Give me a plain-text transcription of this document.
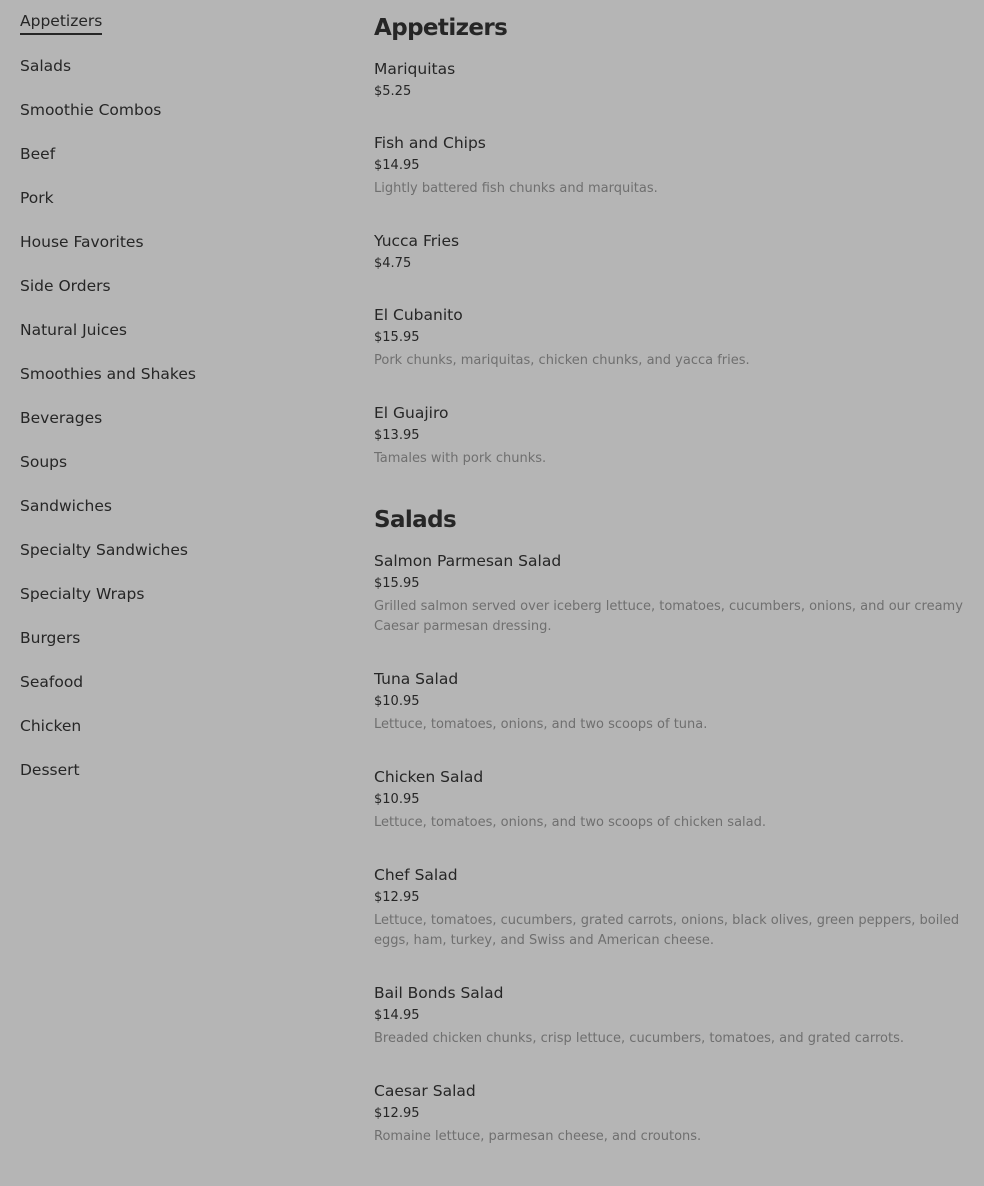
Appetizers
Salads
Smoothie Combos
Beef
Pork
House Favorites
Side Orders
Natural Juices
Smoothies and Shakes
Beverages
Soups
Sandwiches
Specialty Sandwiches
Specialty Wraps
Burgers
Seafood
Chicken
Dessert
Appetizers
Mariquitas
$5.25
Fish and Chips
$14.95
Lightly battered fish chunks and marquitas.
Yucca Fries
$4.75
El Cubanito
$15.95
Pork chunks, mariquitas, chicken chunks, and yacca fries.
El Guajiro
$13.95
Tamales with pork chunks.
Salads
Salmon Parmesan Salad
$15.95
Grilled salmon served over iceberg lettuce, tomatoes, cucumbers, onions, and our creamy Caesar parmesan dressing.
Tuna Salad
$10.95
Lettuce, tomatoes, onions, and two scoops of tuna.
Chicken Salad
$10.95
Lettuce, tomatoes, onions, and two scoops of chicken salad.
Chef Salad
$12.95
Lettuce, tomatoes, cucumbers, grated carrots, onions, black olives, green peppers, boiled eggs, ham, turkey, and Swiss and American cheese.
Bail Bonds Salad
$14.95
Breaded chicken chunks, crisp lettuce, cucumbers, tomatoes, and grated carrots.
Caesar Salad
$12.95
Romaine lettuce, parmesan cheese, and croutons.
